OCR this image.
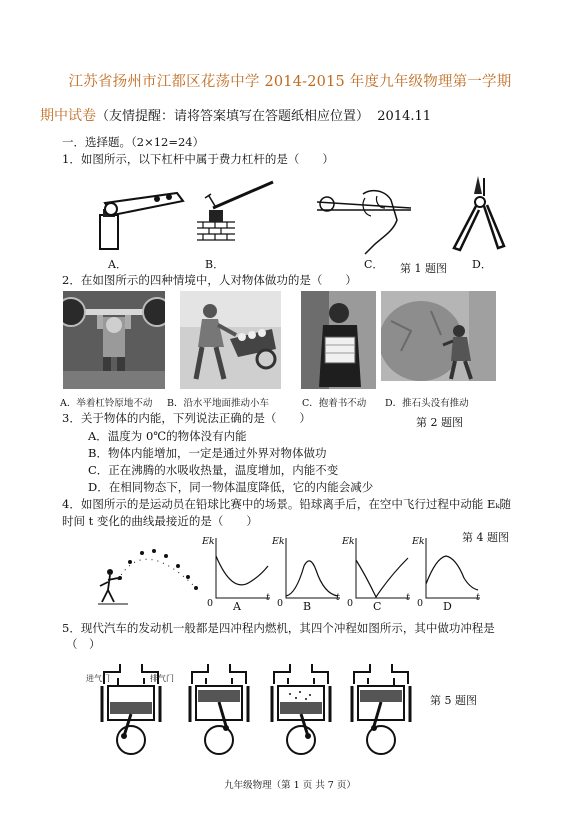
江苏省扬州市江都区花荡中学 2014-2015 年度九年级物理第一学期
期中试卷（友情提醒：请将答案填写在答题纸相应位置） 2014.11
一．选择题。（2×12=24）
1．如图所示，以下杠杆中属于费力杠杆的是（　　）
A．	B．	C． 第 1 题图 D．
2．在如图所示的四种情境中，人对物体做功的是（　　）
A．举着杠铃原地不动 B．沿水平地面推动小车	C．抱着书不动 D．推石头没有推动
3．关于物体的内能，下列说法正确的是（　　）	第 2 题图
A．温度为 0℃的物体没有内能
B．物体内能增加，一定是通过外界对物体做功
C．正在沸腾的水吸收热量，温度增加，内能不变
D．在相同物态下，同一物体温度降低，它的内能会减少
4．如图所示的是运动员在铅球比赛中的场景。铅球离手后，在空中飞行过程中动能 Eₖ随
时间 t 变化的曲线最接近的是（　　）
第 4 题图
Ek
0
t
A
Ek
0
t
B
Ek
0
t
C
Ek
0
t
D
5．现代汽车的发动机一般都是四冲程内燃机，其四个冲程如图所示，其中做功冲程是
（　）
进气门	排气门
第 5 题图
九年级物理（第 1 页 共 7 页）
